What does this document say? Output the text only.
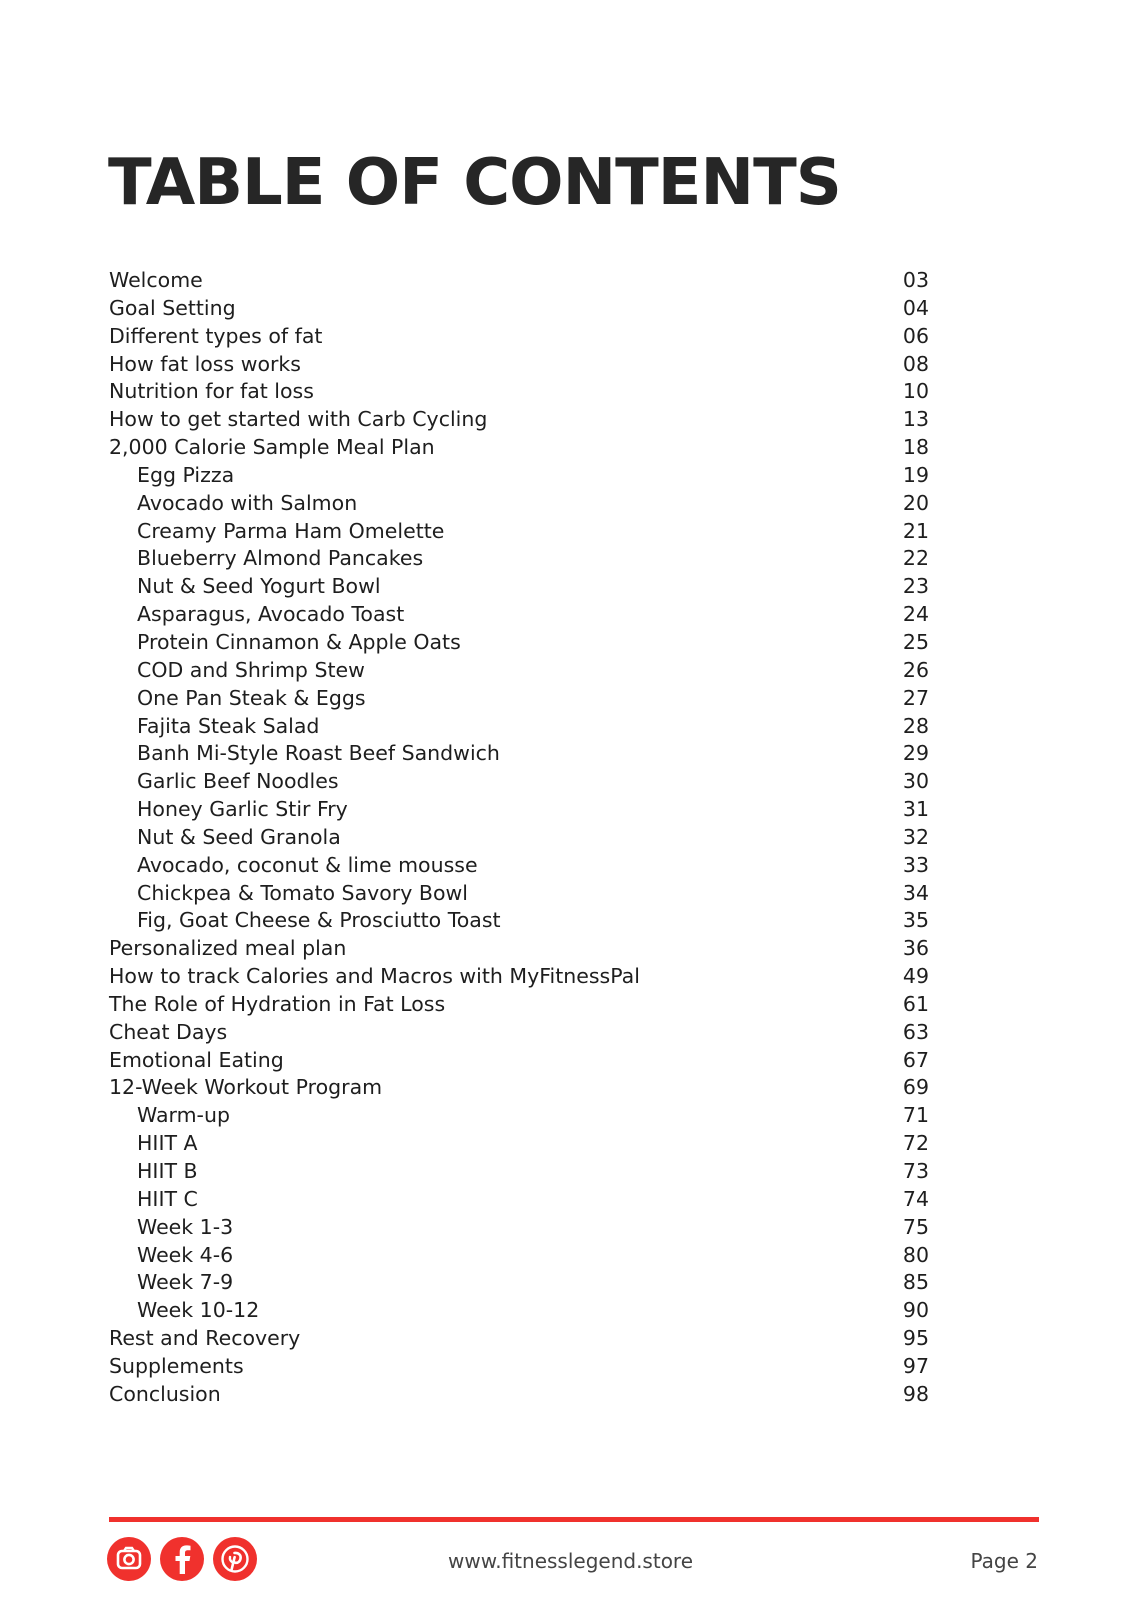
TABLE OF CONTENTS
Welcome	03
Goal Setting	04
Different types of fat	06
How fat loss works	08
Nutrition for fat loss	10
How to get started with Carb Cycling	13
2,000 Calorie Sample Meal Plan	18
Egg Pizza	19
Avocado with Salmon	20
Creamy Parma Ham Omelette	21
Blueberry Almond Pancakes	22
Nut & Seed Yogurt Bowl	23
Asparagus, Avocado Toast	24
Protein Cinnamon & Apple Oats	25
COD and Shrimp Stew	26
One Pan Steak & Eggs	27
Fajita Steak Salad	28
Banh Mi-Style Roast Beef Sandwich	29
Garlic Beef Noodles	30
Honey Garlic Stir Fry	31
Nut & Seed Granola	32
Avocado, coconut & lime mousse	33
Chickpea & Tomato Savory Bowl	34
Fig, Goat Cheese & Prosciutto Toast	35
Personalized meal plan	36
How to track Calories and Macros with MyFitnessPal	49
The Role of Hydration in Fat Loss	61
Cheat Days	63
Emotional Eating	67
12-Week Workout Program	69
Warm-up	71
HIIT A	72
HIIT B	73
HIIT C	74
Week 1-3	75
Week 4-6	80
Week 7-9	85
Week 10-12	90
Rest and Recovery	95
Supplements	97
Conclusion	98
www.fitnesslegend.store	Page 2
